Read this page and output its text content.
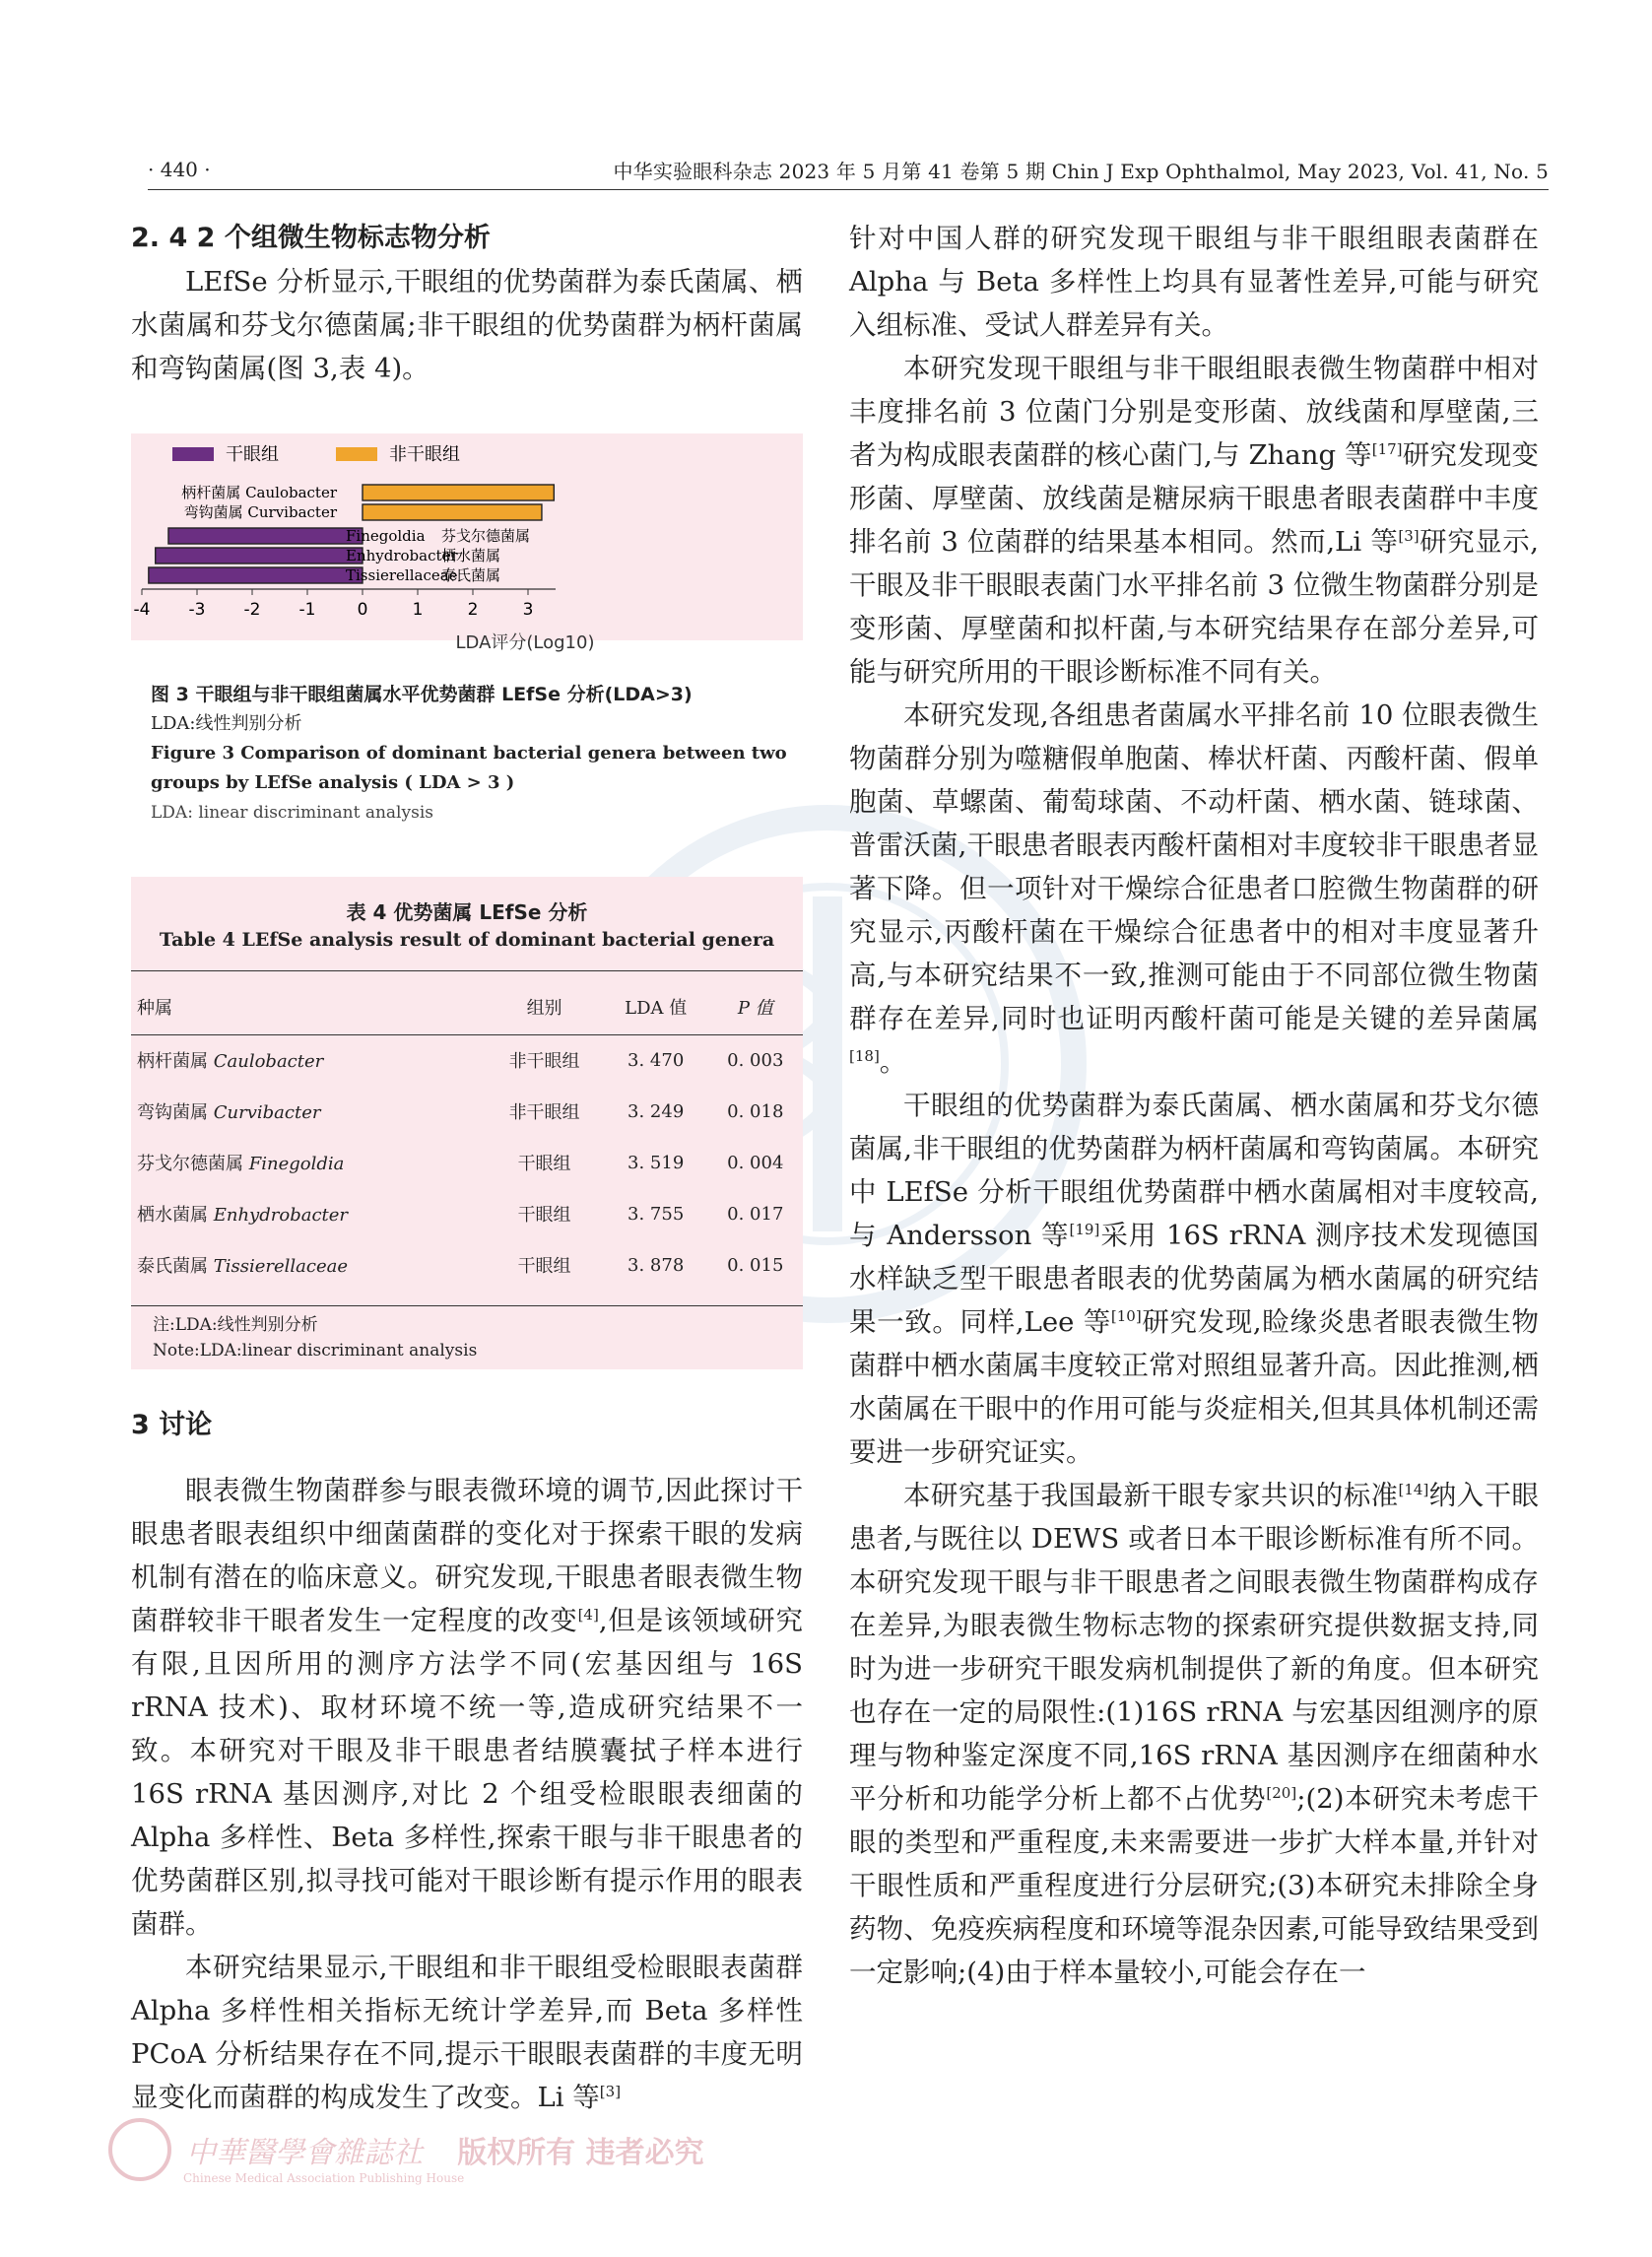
· 440 ·	中华实验眼科杂志 2023 年 5 月第 41 卷第 5 期 Chin J Exp Ophthalmol, May 2023, Vol. 41, No. 5

2. 4 2 个组微生物标志物分析

LEfSe 分析显示,干眼组的优势菌群为泰氏菌属、栖水菌属和芬戈尔德菌属;非干眼组的优势菌群为柄杆菌属和弯钩菌属(图 3,表 4)。

干眼组	非干眼组
柄杆菌属 Caulobacter
弯钩菌属 Curvibacter
Finegoldia 芬戈尔德菌属
Enhydrobacter
栖水菌属
Tissierellaceae
泰氏菌属
-4 -3 -2 -1 0	1	2	3
LDA评分(Log10)
图 3 干眼组与非干眼组菌属水平优势菌群 LEfSe 分析(LDA>3)
LDA:线性判别分析
Figure 3 Comparison of dominant bacterial genera between two groups by LEfSe analysis ( LDA > 3 )
LDA: linear discriminant analysis
表 4 优势菌属 LEfSe 分析
Table 4 LEfSe analysis result of dominant bacterial genera
种属	组别	LDA 值	P 值
柄杆菌属 Caulobacter	非干眼组	3. 470	0. 003
弯钩菌属 Curvibacter	非干眼组	3. 249	0. 018
芬戈尔德菌属 Finegoldia	干眼组	3. 519	0. 004
栖水菌属 Enhydrobacter	干眼组	3. 755	0. 017
泰氏菌属 Tissierellaceae	干眼组	3. 878	0. 015
注:LDA:线性判别分析
Note:LDA:linear discriminant analysis

3 讨论

眼表微生物菌群参与眼表微环境的调节,因此探讨干眼患者眼表组织中细菌菌群的变化对于探索干眼的发病机制有潜在的临床意义。研究发现,干眼患者眼表微生物菌群较非干眼者发生一定程度的改变[4],但是该领域研究有限,且因所用的测序方法学不同(宏基因组与 16S rRNA 技术)、取材环境不统一等,造成研究结果不一致。本研究对干眼及非干眼患者结膜囊拭子样本进行 16S rRNA 基因测序,对比 2 个组受检眼眼表细菌的 Alpha 多样性、Beta 多样性,探索干眼与非干眼患者的优势菌群区别,拟寻找可能对干眼诊断有提示作用的眼表菌群。

本研究结果显示,干眼组和非干眼组受检眼眼表菌群 Alpha 多样性相关指标无统计学差异,而 Beta 多样性 PCoA 分析结果存在不同,提示干眼眼表菌群的丰度无明显变化而菌群的构成发生了改变。Li 等[3]

针对中国人群的研究发现干眼组与非干眼组眼表菌群在 Alpha 与 Beta 多样性上均具有显著性差异,可能与研究入组标准、受试人群差异有关。

本研究发现干眼组与非干眼组眼表微生物菌群中相对丰度排名前 3 位菌门分别是变形菌、放线菌和厚壁菌,三者为构成眼表菌群的核心菌门,与 Zhang 等[17]研究发现变形菌、厚壁菌、放线菌是糖尿病干眼患者眼表菌群中丰度排名前 3 位菌群的结果基本相同。然而,Li 等[3]研究显示,干眼及非干眼眼表菌门水平排名前 3 位微生物菌群分别是变形菌、厚壁菌和拟杆菌,与本研究结果存在部分差异,可能与研究所用的干眼诊断标准不同有关。

本研究发现,各组患者菌属水平排名前 10 位眼表微生物菌群分别为噬糖假单胞菌、棒状杆菌、丙酸杆菌、假单胞菌、草螺菌、葡萄球菌、不动杆菌、栖水菌、链球菌、普雷沃菌,干眼患者眼表丙酸杆菌相对丰度较非干眼患者显著下降。但一项针对干燥综合征患者口腔微生物菌群的研究显示,丙酸杆菌在干燥综合征患者中的相对丰度显著升高,与本研究结果不一致,推测可能由于不同部位微生物菌群存在差异,同时也证明丙酸杆菌可能是关键的差异菌属[18]。

干眼组的优势菌群为泰氏菌属、栖水菌属和芬戈尔德菌属,非干眼组的优势菌群为柄杆菌属和弯钩菌属。本研究中 LEfSe 分析干眼组优势菌群中栖水菌属相对丰度较高,与 Andersson 等[19]采用 16S rRNA 测序技术发现德国水样缺乏型干眼患者眼表的优势菌属为栖水菌属的研究结果一致。同样,Lee 等[10]研究发现,睑缘炎患者眼表微生物菌群中栖水菌属丰度较正常对照组显著升高。因此推测,栖水菌属在干眼中的作用可能与炎症相关,但其具体机制还需要进一步研究证实。

本研究基于我国最新干眼专家共识的标准[14]纳入干眼患者,与既往以 DEWS 或者日本干眼诊断标准有所不同。本研究发现干眼与非干眼患者之间眼表微生物菌群构成存在差异,为眼表微生物标志物的探索研究提供数据支持,同时为进一步研究干眼发病机制提供了新的角度。但本研究也存在一定的局限性:(1)16S rRNA 与宏基因组测序的原理与物种鉴定深度不同,16S rRNA 基因测序在细菌种水平分析和功能学分析上都不占优势[20];(2)本研究未考虑干眼的类型和严重程度,未来需要进一步扩大样本量,并针对干眼性质和严重程度进行分层研究;(3)本研究未排除全身药物、免疫疾病程度和环境等混杂因素,可能导致结果受到一定影响;(4)由于样本量较小,可能会存在一

中華醫學會雜誌社 版权所有 违者必究
Chinese Medical Association Publishing House
